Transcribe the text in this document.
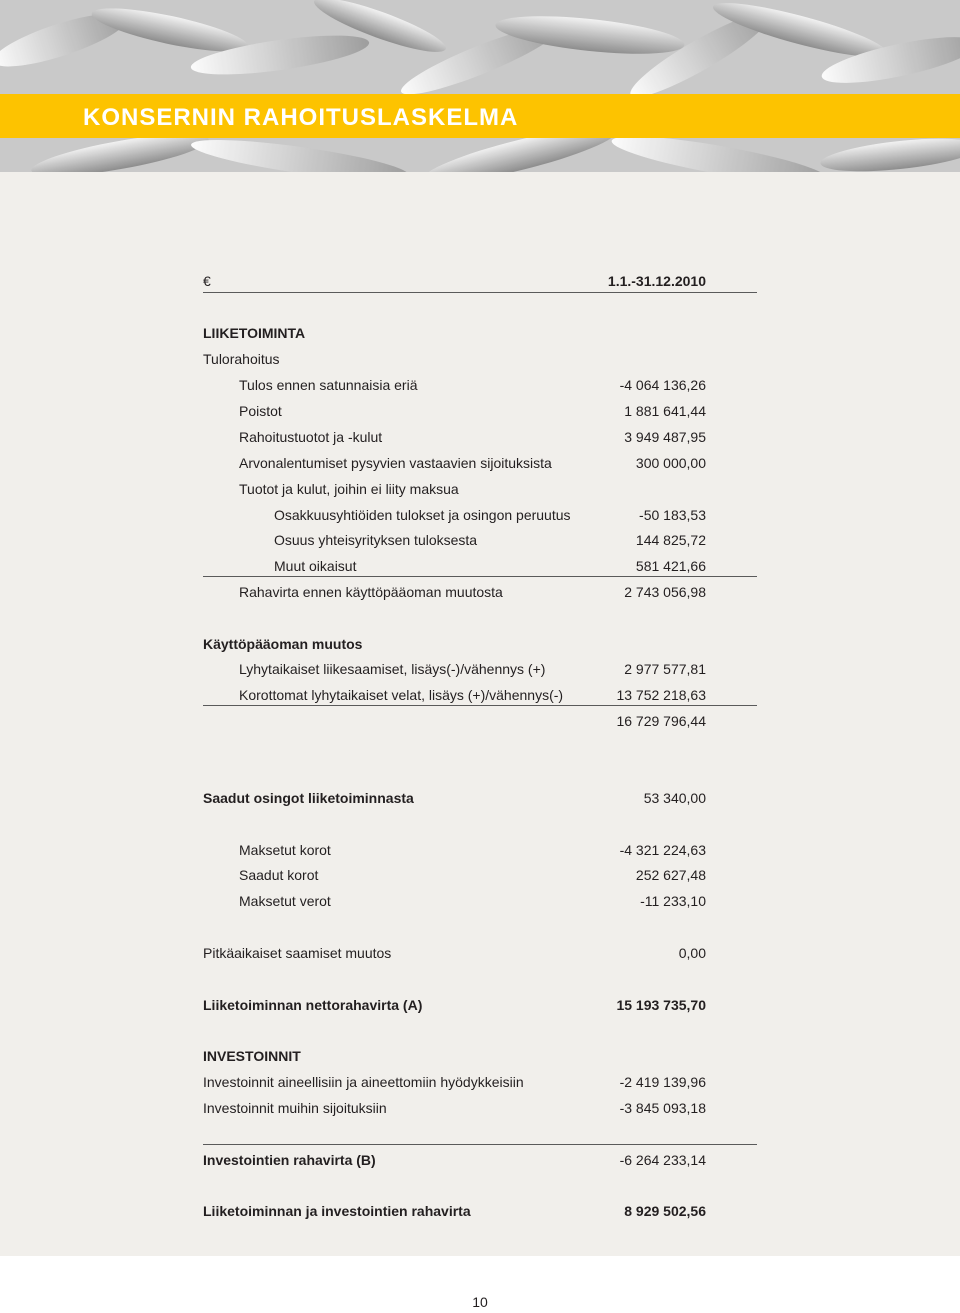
KONSERNIN RAHOITUSLASKELMA
€	1.1.-31.12.2010
LIIKETOIMINTA
Tulorahoitus
Tulos ennen satunnaisia eriä	-4 064 136,26
Poistot	1 881 641,44
Rahoitustuotot ja -kulut	3 949 487,95
Arvonalentumiset pysyvien vastaavien sijoituksista	300 000,00
Tuotot ja kulut, joihin ei liity maksua
Osakkuusyhtiöiden tulokset ja osingon peruutus	-50 183,53
Osuus yhteisyrityksen tuloksesta	144 825,72
Muut oikaisut	581 421,66
Rahavirta ennen käyttöpääoman muutosta	2 743 056,98
Käyttöpääoman muutos
Lyhytaikaiset liikesaamiset, lisäys(-)/vähennys (+)	2 977 577,81
Korottomat lyhytaikaiset velat, lisäys (+)/vähennys(-)	13 752 218,63
16 729 796,44
Saadut osingot liiketoiminnasta	53 340,00
Maksetut korot	-4 321 224,63
Saadut korot	252 627,48
Maksetut verot	-11 233,10
Pitkäaikaiset saamiset muutos	0,00
Liiketoiminnan nettorahavirta (A)	15 193 735,70
INVESTOINNIT
Investoinnit aineellisiin ja aineettomiin hyödykkeisiin	-2 419 139,96
Investoinnit muihin sijoituksiin	-3 845 093,18
Investointien rahavirta (B)	-6 264 233,14
Liiketoiminnan ja investointien rahavirta	8 929 502,56
10
